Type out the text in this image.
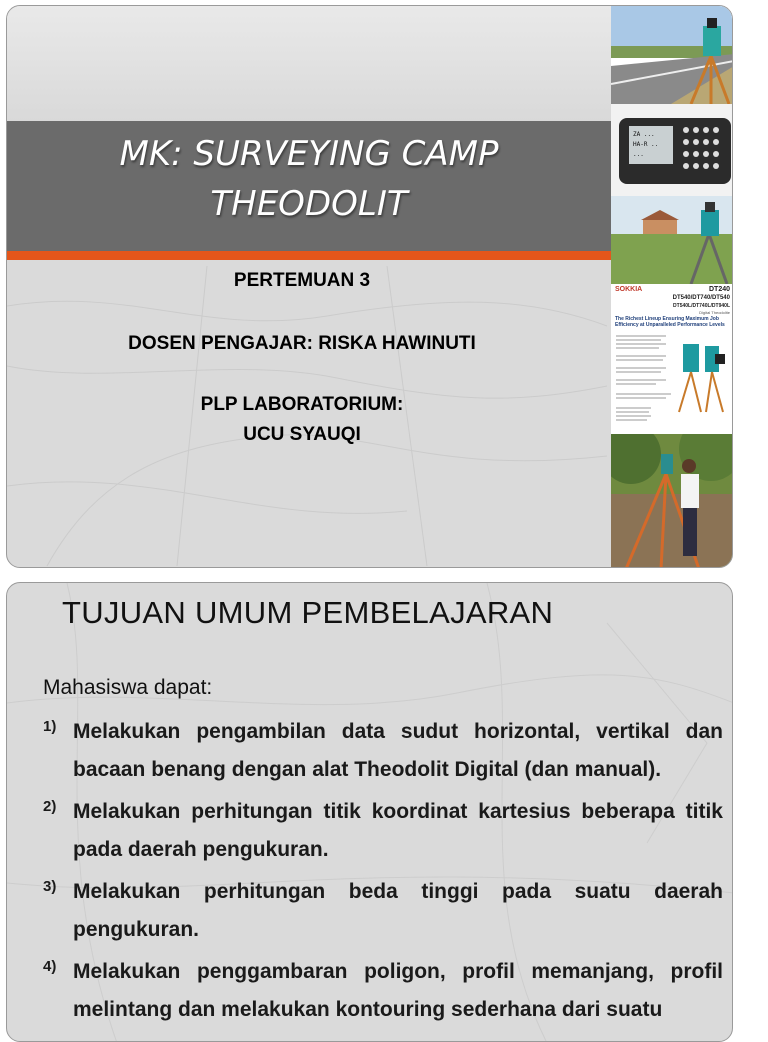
MK: SURVEYING CAMP
THEODOLIT
PERTEMUAN 3
DOSEN PENGAJAR: RISKA HAWINUTI
PLP LABORATORIUM:
UCU SYAUQI
ZA ...
HA-R ..
...
SOKKIA	DT240
DT540/DT740/DT540
DT540L/DT740L/DT940L
Digital Theodolite
The Richest Lineup Ensuring Maximum Job Efficiency at Unparalleled Performance Levels
TUJUAN UMUM PEMBELAJARAN
Mahasiswa dapat:
1) Melakukan pengambilan data sudut horizontal, vertikal dan bacaan benang dengan alat Theodolit Digital (dan manual).
2) Melakukan perhitungan titik koordinat kartesius beberapa titik pada daerah pengukuran.
3) Melakukan perhitungan beda tinggi pada suatu daerah pengukuran.
4) Melakukan penggambaran poligon, profil memanjang, profil melintang dan melakukan kontouring sederhana dari suatu
